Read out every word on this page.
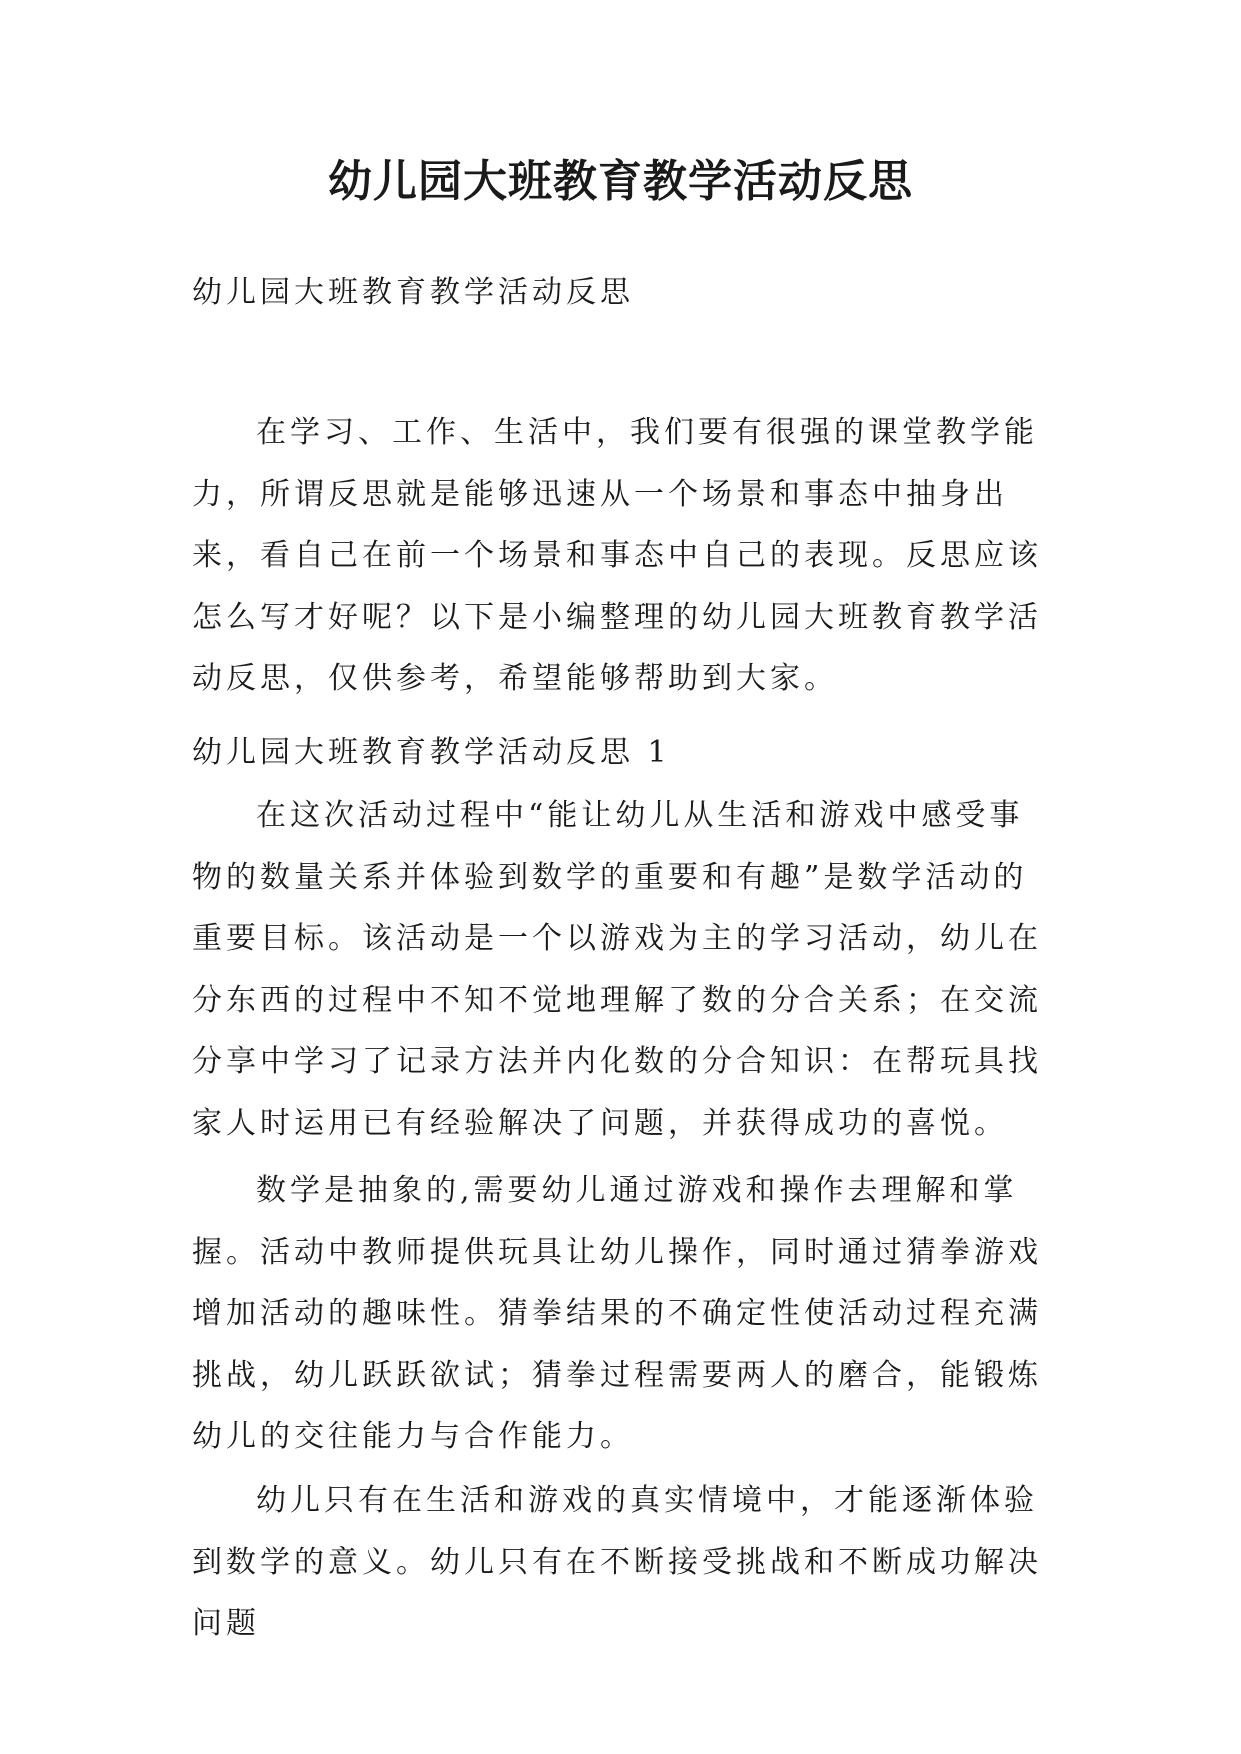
幼儿园大班教育教学活动反思

幼儿园大班教育教学活动反思

在学习、工作、生活中，我们要有很强的课堂教学能力，所谓反思就是能够迅速从一个场景和事态中抽身出来，看自己在前一个场景和事态中自己的表现。反思应该怎么写才好呢？以下是小编整理的幼儿园大班教育教学活动反思，仅供参考，希望能够帮助到大家。

幼儿园大班教育教学活动反思 1

在这次活动过程中“能让幼儿从生活和游戏中感受事物的数量关系并体验到数学的重要和有趣”是数学活动的重要目标。该活动是一个以游戏为主的学习活动，幼儿在分东西的过程中不知不觉地理解了数的分合关系；在交流分享中学习了记录方法并内化数的分合知识：在帮玩具找家人时运用已有经验解决了问题，并获得成功的喜悦。

数学是抽象的,需要幼儿通过游戏和操作去理解和掌握。活动中教师提供玩具让幼儿操作，同时通过猜拳游戏增加活动的趣味性。猜拳结果的不确定性使活动过程充满挑战，幼儿跃跃欲试；猜拳过程需要两人的磨合，能锻炼幼儿的交往能力与合作能力。

幼儿只有在生活和游戏的真实情境中，才能逐渐体验到数学的意义。幼儿只有在不断接受挑战和不断成功解决问题
